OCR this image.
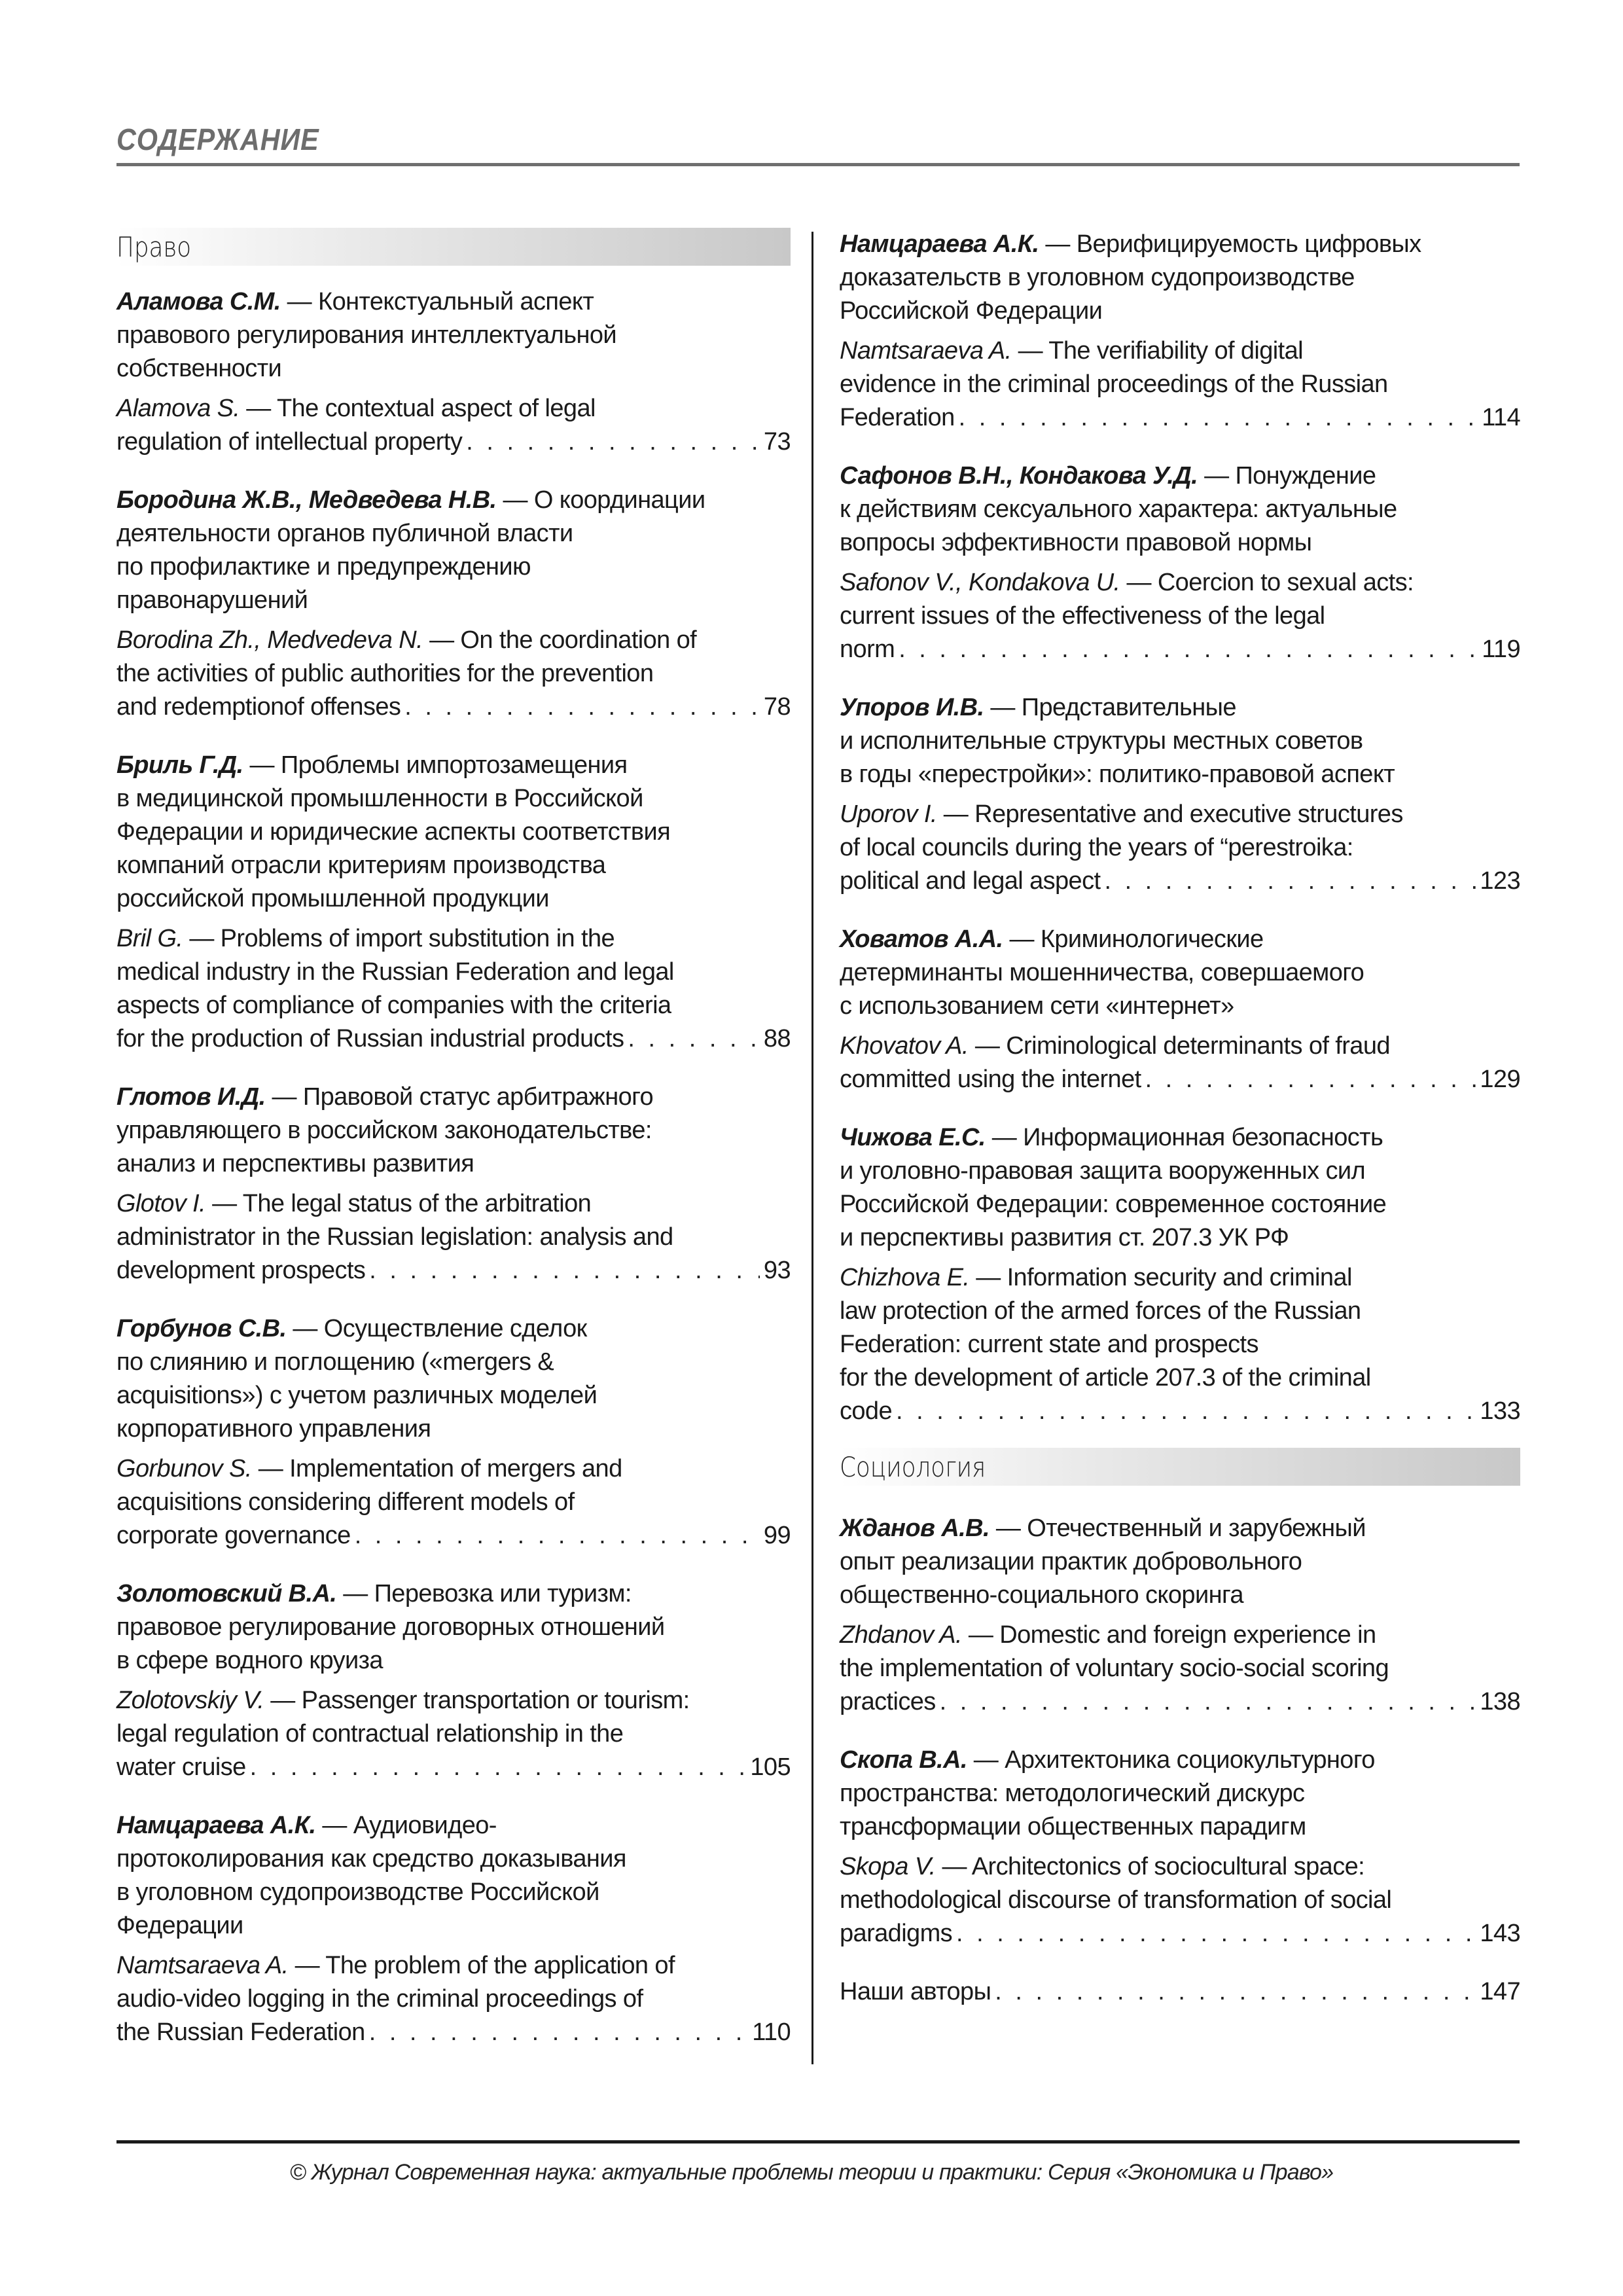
СОДЕРЖАНИЕ
Право

Аламова С.М. — Контекстуальный аспект
правового регулирования интеллектуальной
собственности

Alamova S. — The contextual aspect of legal

regulation of intellectual property . . .	73

Бородина Ж.В., Медведева Н.В. — О координации
деятельности органов публичной власти
по профилактике и предупреждению
правонарушений

Borodina Zh., Medvedeva N. — On the coordination of
the activities of public authorities for the prevention

and redemptionof offenses . . .	78

Бриль Г.Д. — Проблемы импортозамещения
в медицинской промышленности в Российской
Федерации и юридические аспекты соответствия
компаний отрасли критериям производства
российской промышленной продукции

Bril G. — Problems of import substitution in the
medical industry in the Russian Federation and legal
aspects of compliance of companies with the criteria

for the production of Russian industrial products . . .	88

Глотов И.Д. — Правовой статус арбитражного
управляющего в российском законодательстве:
анализ и перспективы развития

Glotov I. — The legal status of the arbitration
administrator in the Russian legislation: analysis and

development prospects . . .	93

Горбунов С.В. — Осуществление сделок
по слиянию и поглощению («mergers &
acquisitions») с учетом различных моделей
корпоративного управления

Gorbunov S. — Implementation of mergers and
acquisitions considering different models of

corporate governance . . .	99

Золотовский В.А. — Перевозка или туризм:
правовое регулирование договорных отношений
в сфере водного круиза

Zolotovskiy V. — Passenger transportation or tourism:
legal regulation of contractual relationship in the

water cruise . . .	105

Намцараева А.К. — Аудиовидео-
протоколирования как средство доказывания
в уголовном судопроизводстве Российской
Федерации

Namtsaraeva A. — The problem of the application of
audio-video logging in the criminal proceedings of

the Russian Federation . . .	110

Намцараева А.К. — Верифицируемость цифровых
доказательств в уголовном судопроизводстве
Российской Федерации

Namtsaraeva A. — The verifiability of digital
evidence in the criminal proceedings of the Russian

Federation . . .	114

Сафонов В.Н., Кондакова У.Д. — Понуждение
к действиям сексуального характера: актуальные
вопросы эффективности правовой нормы

Safonov V., Kondakova U. — Coercion to sexual acts:
current issues of the effectiveness of the legal

norm . . .	119

Упоров И.В. — Представительные
и исполнительные структуры местных советов
в годы «перестройки»: политико-правовой аспект

Uporov I. — Representative and executive structures
of local councils during the years of “perestroika:

political and legal aspect . . .	123

Ховатов А.А. — Криминологические
детерминанты мошенничества, совершаемого
с использованием сети «интернет»

Khovatov A. — Criminological determinants of fraud

committed using the internet . . .	129

Чижова Е.С. — Информационная безопасность
и уголовно-правовая защита вооруженных сил
Российской Федерации: современное состояние
и перспективы развития ст. 207.3 УК РФ

Chizhova E. — Information security and criminal
law protection of the armed forces of the Russian
Federation: current state and prospects
for the development of article 207.3 of the criminal

code . . .	133
Социология

Жданов А.В. — Отечественный и зарубежный
опыт реализации практик добровольного
общественно-социального скоринга

Zhdanov A. — Domestic and foreign experience in
the implementation of voluntary socio-social scoring

practices . . .	138

Скопа В.А. — Архитектоника социокультурного
пространства: методологический дискурс
трансформации общественных парадигм

Skopa V. — Architectonics of sociocultural space:
methodological discourse of transformation of social

paradigms . . .	143
Наши авторы . . .	147
© Журнал Современная наука: актуальные проблемы теории и практики: Серия «Экономика и Право»
